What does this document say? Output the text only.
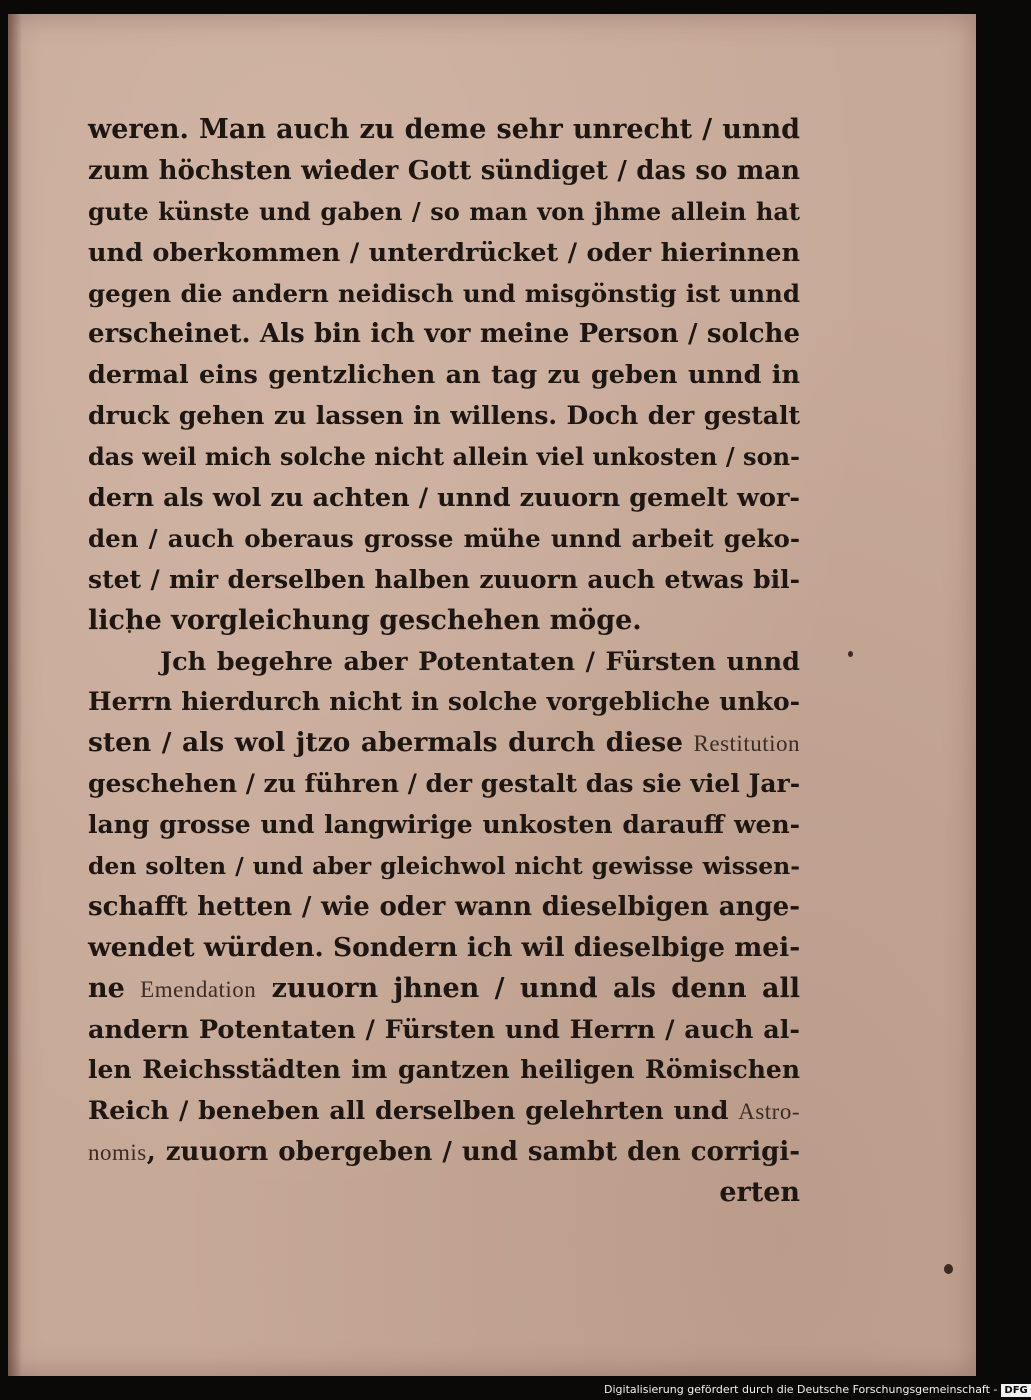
weren. Man auch zu deme sehr unrecht / unnd
zum höchsten wieder Gott sündiget / das so man
gute künste und gaben / so man von jhme allein hat
und oberkommen / unterdrücket / oder hierinnen
gegen die andern neidisch und misgönstig ist unnd
erscheinet. Als bin ich vor meine Person / solche
dermal eins gentzlichen an tag zu geben unnd in
druck gehen zu lassen in willens. Doch der gestalt
das weil mich solche nicht allein viel unkosten / son-
dern als wol zu achten / unnd zuuorn gemelt wor-
den / auch oberaus grosse mühe unnd arbeit geko-
stet / mir derselben halben zuuorn auch etwas bil-
liche vorgleichung geschehen möge.
Jch begehre aber Potentaten / Fürsten unnd
Herrn hierdurch nicht in solche vorgebliche unko-
sten / als wol jtzo abermals durch diese Restitution
geschehen / zu führen / der gestalt das sie viel Jar-
lang grosse und langwirige unkosten darauff wen-
den solten / und aber gleichwol nicht gewisse wissen-
schafft hetten / wie oder wann dieselbigen ange-
wendet würden. Sondern ich wil dieselbige mei-
ne Emendation zuuorn jhnen / unnd als denn all
andern Potentaten / Fürsten und Herrn / auch al-
len Reichsstädten im gantzen heiligen Römischen
Reich / beneben all derselben gelehrten und Astro-
nomis, zuuorn obergeben / und sambt den corrigi-
erten
Digitalisierung gefördert durch die Deutsche Forschungsgemeinschaft - DFG
